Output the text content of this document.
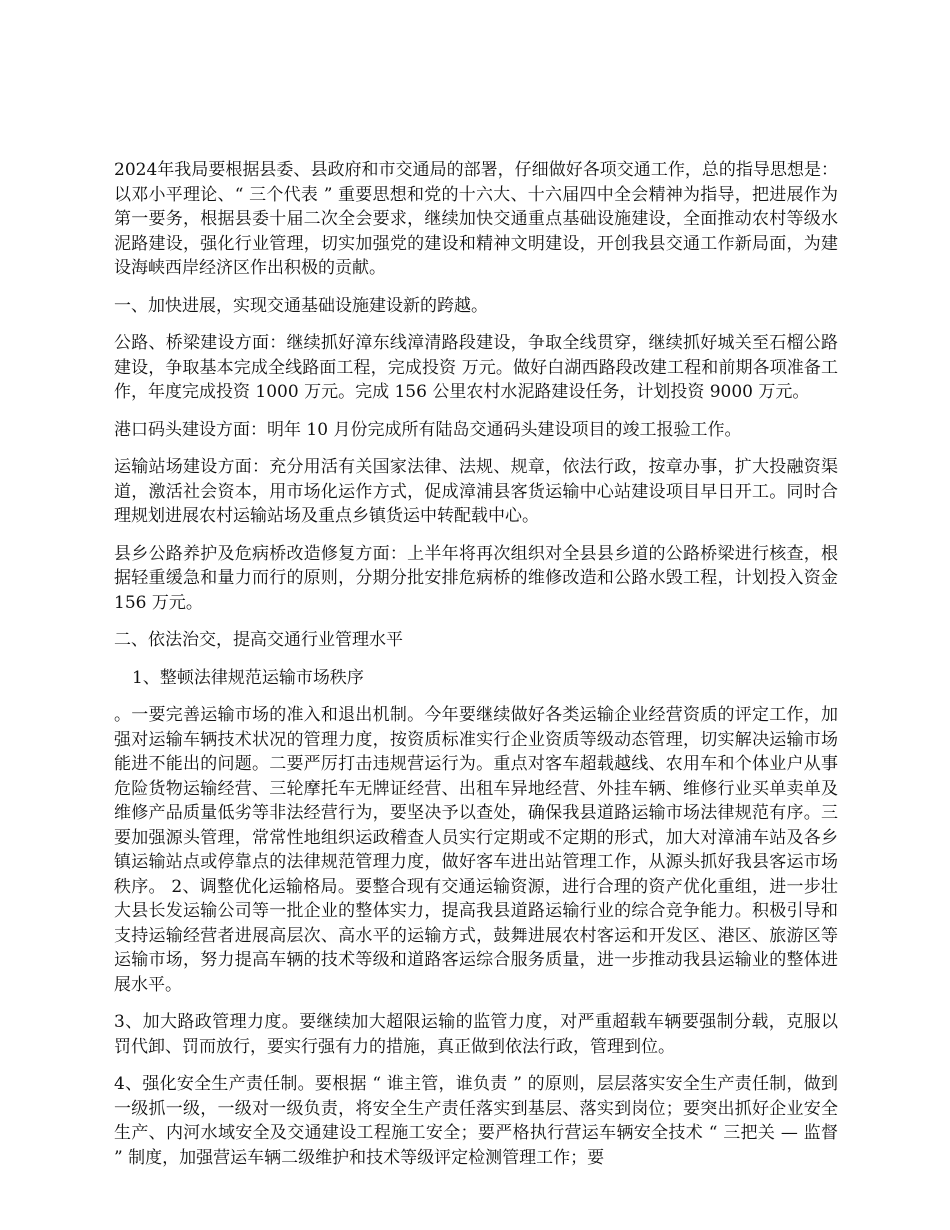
2024年我局要根据县委、县政府和市交通局的部署，仔细做好各项交通工作，总的指导思想是：以邓小平理论、“ 三个代表 ” 重要思想和党的十六大、十六届四中全会精神为指导，把进展作为第一要务，根据县委十届二次全会要求，继续加快交通重点基础设施建设，全面推动农村等级水泥路建设，强化行业管理，切实加强党的建设和精神文明建设，开创我县交通工作新局面，为建设海峡西岸经济区作出积极的贡献。

一、加快进展，实现交通基础设施建设新的跨越。

公路、桥梁建设方面：继续抓好漳东线漳清路段建设，争取全线贯穿，继续抓好城关至石榴公路建设，争取基本完成全线路面工程，完成投资 万元。做好白湖西路段改建工程和前期各项准备工作，年度完成投资 1000 万元。完成 156 公里农村水泥路建设任务，计划投资 9000 万元。

港口码头建设方面：明年 10 月份完成所有陆岛交通码头建设项目的竣工报验工作。

运输站场建设方面：充分用活有关国家法律、法规、规章，依法行政，按章办事，扩大投融资渠道，激活社会资本，用市场化运作方式，促成漳浦县客货运输中心站建设项目早日开工。同时合理规划进展农村运输站场及重点乡镇货运中转配载中心。

县乡公路养护及危病桥改造修复方面：上半年将再次组织对全县县乡道的公路桥梁进行核查，根据轻重缓急和量力而行的原则，分期分批安排危病桥的维修改造和公路水毁工程，计划投入资金 156 万元。

二、依法治交，提高交通行业管理水平

1、整顿法律规范运输市场秩序

。一要完善运输市场的准入和退出机制。今年要继续做好各类运输企业经营资质的评定工作，加强对运输车辆技术状况的管理力度，按资质标准实行企业资质等级动态管理，切实解决运输市场能进不能出的问题。二要严厉打击违规营运行为。重点对客车超载越线、农用车和个体业户从事危险货物运输经营、三轮摩托车无牌证经营、出租车异地经营、外挂车辆、维修行业买单卖单及维修产品质量低劣等非法经营行为，要坚决予以查处，确保我县道路运输市场法律规范有序。三要加强源头管理，常常性地组织运政稽查人员实行定期或不定期的形式，加大对漳浦车站及各乡镇运输站点或停靠点的法律规范管理力度，做好客车进出站管理工作，从源头抓好我县客运市场秩序。 2、调整优化运输格局。要整合现有交通运输资源，进行合理的资产优化重组，进一步壮大县长发运输公司等一批企业的整体实力，提高我县道路运输行业的综合竞争能力。积极引导和支持运输经营者进展高层次、高水平的运输方式，鼓舞进展农村客运和开发区、港区、旅游区等运输市场，努力提高车辆的技术等级和道路客运综合服务质量，进一步推动我县运输业的整体进展水平。

3、加大路政管理力度。要继续加大超限运输的监管力度，对严重超载车辆要强制分载，克服以罚代卸、罚而放行，要实行强有力的措施，真正做到依法行政，管理到位。

4、强化安全生产责任制。要根据 “ 谁主管，谁负责 ” 的原则，层层落实安全生产责任制，做到一级抓一级，一级对一级负责，将安全生产责任落实到基层、落实到岗位；要突出抓好企业安全生产、内河水域安全及交通建设工程施工安全；要严格执行营运车辆安全技术 “ 三把关 — 监督 ” 制度，加强营运车辆二级维护和技术等级评定检测管理工作；要
